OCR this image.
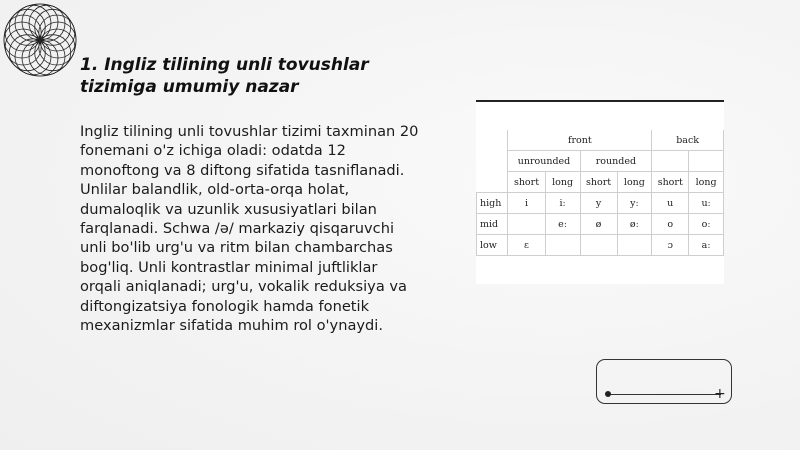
1. Ingliz tilining unli tovushlar tizimiga umumiy nazar

Ingliz tilining unli tovushlar tizimi taxminan 20 fonemani o'z ichiga oladi: odatda 12 monoftong va 8 diftong sifatida tasniflanadi. Unlilar balandlik, old-orta-orqa holat, dumaloqlik va uzunlik xususiyatlari bilan farqlanadi. Schwa /ə/ markaziy qisqaruvchi unli bo'lib urg'u va ritm bilan chambarchas bog'liq. Unli kontrastlar minimal juftliklar orqali aniqlanadi; urg'u, vokalik reduksiya va diftongizatsiya fonologik hamda fonetik mexanizmlar sifatida muhim rol o'ynaydi.

	front				back	
	unrounded		rounded			
	short	long	short	long	short	long
high	i	iː	y	yː	u	uː
mid		eː	ø	øː	o	oː
low	ɛ				ɔ	aː
+
